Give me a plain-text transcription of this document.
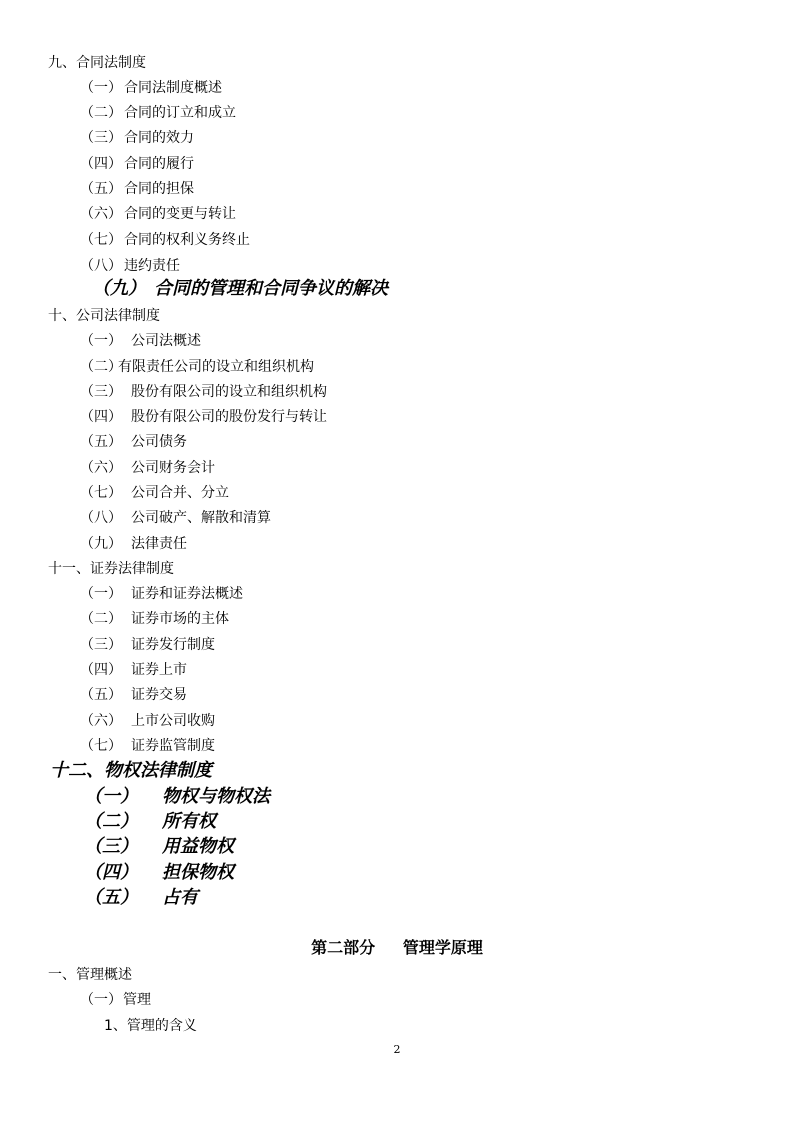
九、合同法制度
（一） 合同法制度概述
（二） 合同的订立和成立
（三） 合同的效力
（四） 合同的履行
（五） 合同的担保
（六） 合同的变更与转让
（七） 合同的权利义务终止
（八） 违约责任
（九） 合同的管理和合同争议的解决
十、公司法律制度
（一） 公司法概述
（二）有限责任公司的设立和组织机构
（三） 股份有限公司的设立和组织机构
（四） 股份有限公司的股份发行与转让
（五） 公司债务
（六） 公司财务会计
（七） 公司合并、分立
（八） 公司破产、解散和清算
（九） 法律责任
十一、证券法律制度
（一） 证券和证券法概述
（二） 证券市场的主体
（三） 证券发行制度
（四） 证券上市
（五） 证券交易
（六） 上市公司收购
（七） 证券监管制度
十二、物权法律制度
（一） 物权与物权法
（二） 所有权
（三） 用益物权
（四） 担保物权
（五） 占有
第二部分     管理学原理
一、管理概述
（一）管理
1、管理的含义
2
